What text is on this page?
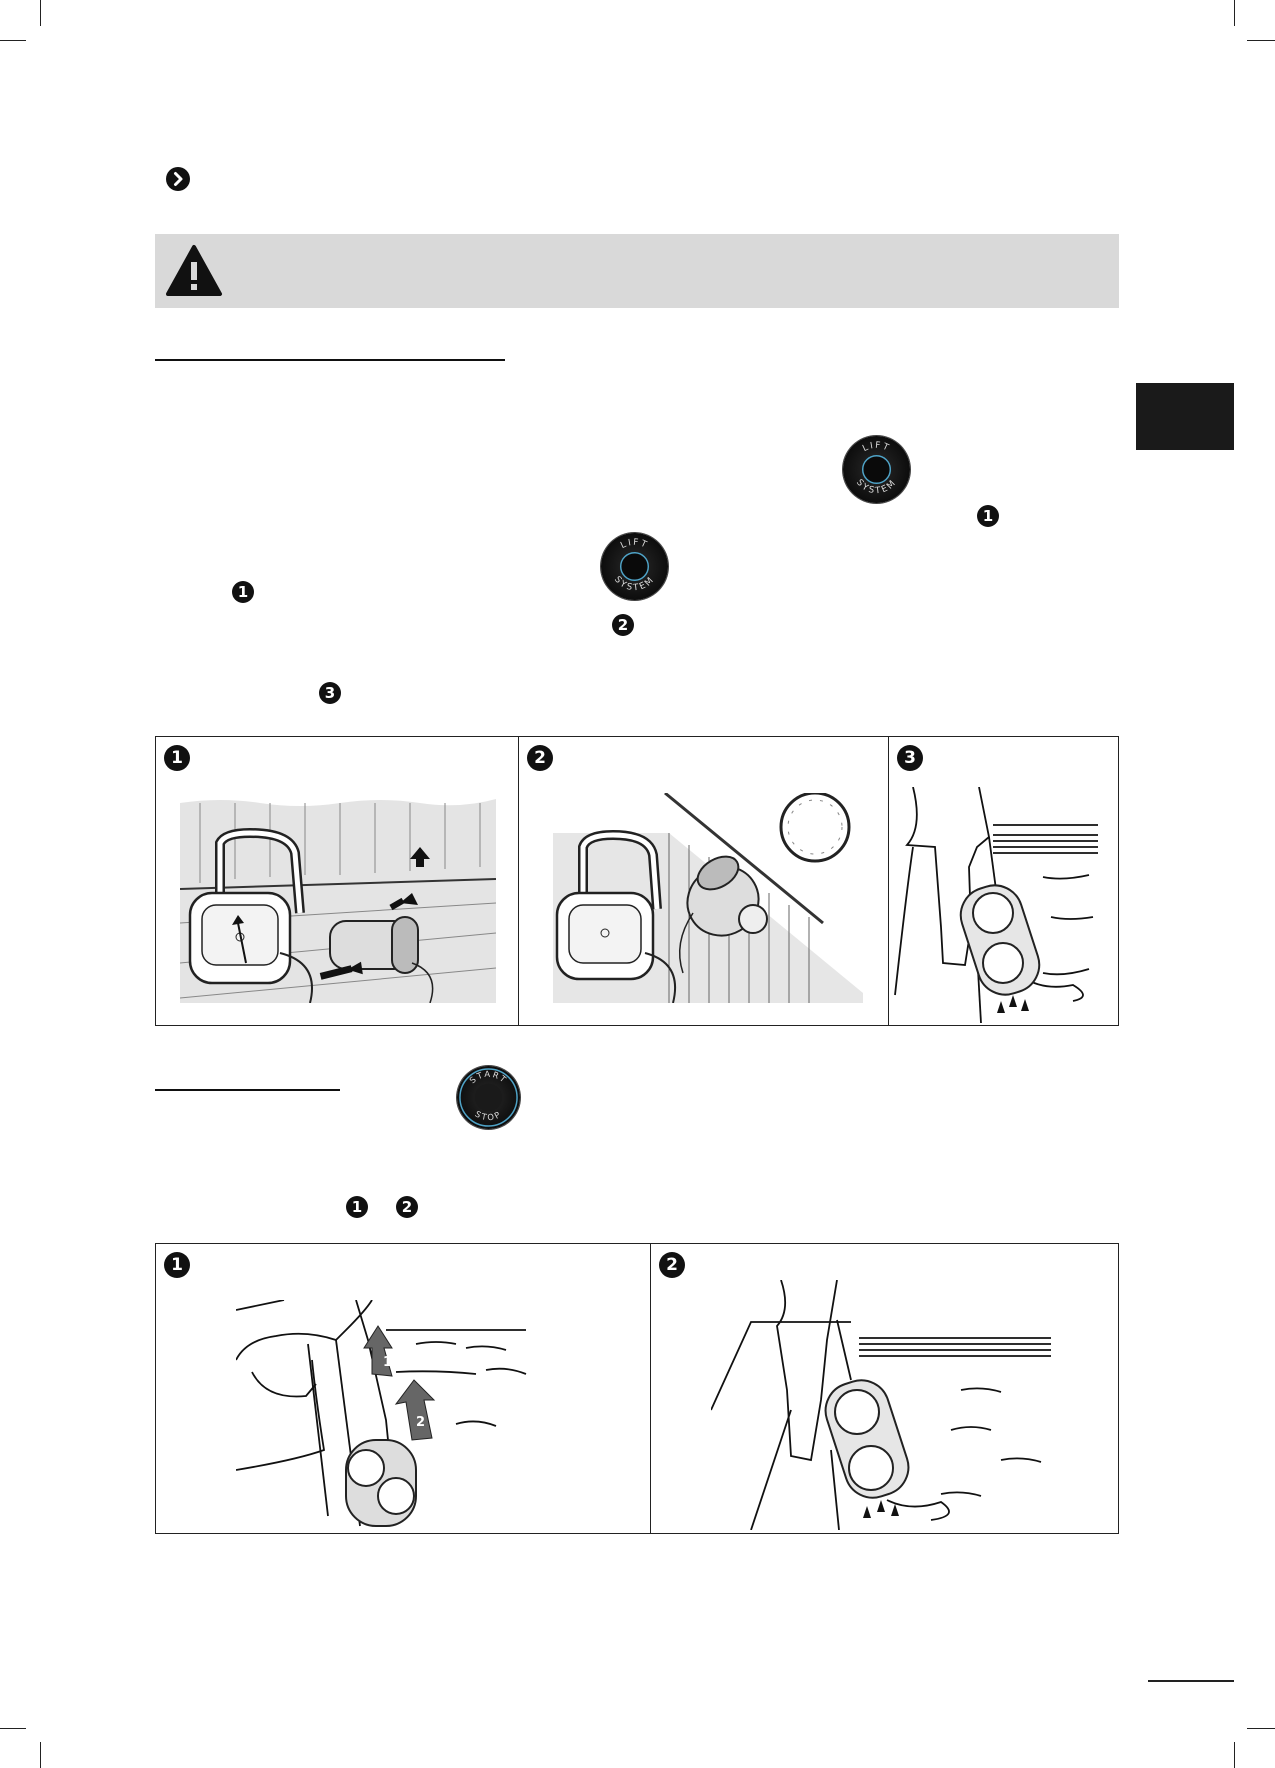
LIFT
SYSTEM
1
LIFT
SYSTEM
1
2
3
1	2	3
START
STOP
1	2
1
1
2
2
